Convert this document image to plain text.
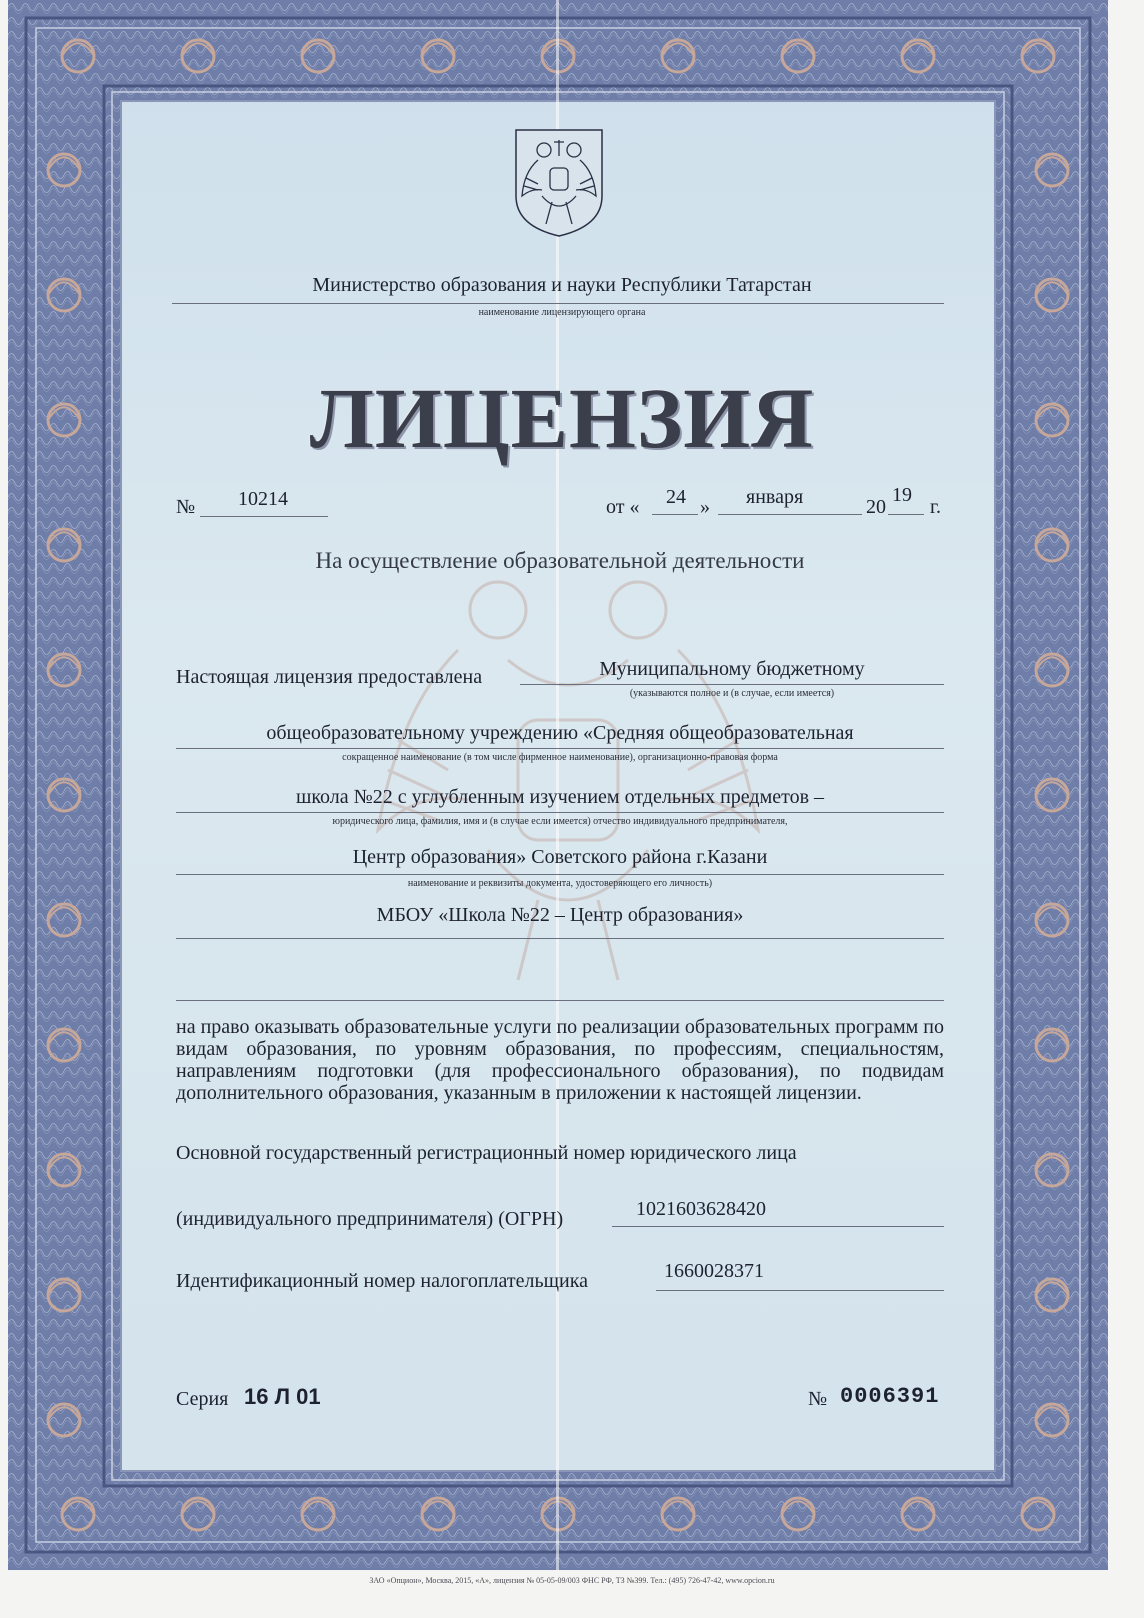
Министерство образования и науки Республики Татарстан
наименование лицензирующего органа
ЛИЦЕНЗИЯ
№ 10214	от « 24 » января	20
19
г.
На осуществление образовательной деятельности
Настоящая лицензия предоставлена	Муниципальному бюджетному
(указываются полное и (в случае, если имеется)
общеобразовательному учреждению «Средняя общеобразовательная
сокращенное наименование (в том числе фирменное наименование), организационно-правовая форма
школа №22 с углубленным изучением отдельных предметов –
юридического лица, фамилия, имя и (в случае если имеется) отчество индивидуального предпринимателя,
Центр образования» Советского района г.Казани
наименование и реквизиты документа, удостоверяющего его личность)
МБОУ «Школа №22 – Центр образования»
на право оказывать образовательные услуги по реализации образовательных программ по видам образования, по уровням образования, по профессиям, специальностям, направлениям подготовки (для профессионального образования), по подвидам дополнительного образования, указанным в приложении к настоящей лицензии.
Основной государственный регистрационный номер юридического лица
(индивидуального предпринимателя) (ОГРН)	1021603628420
Идентификационный номер налогоплательщика	1660028371
Серия 16 Л 01	№ 0006391
ЗАО «Опцион», Москва, 2015, «А», лицензия № 05-05-09/003 ФНС РФ, ТЗ №399. Тел.: (495) 726-47-42, www.opcion.ru
